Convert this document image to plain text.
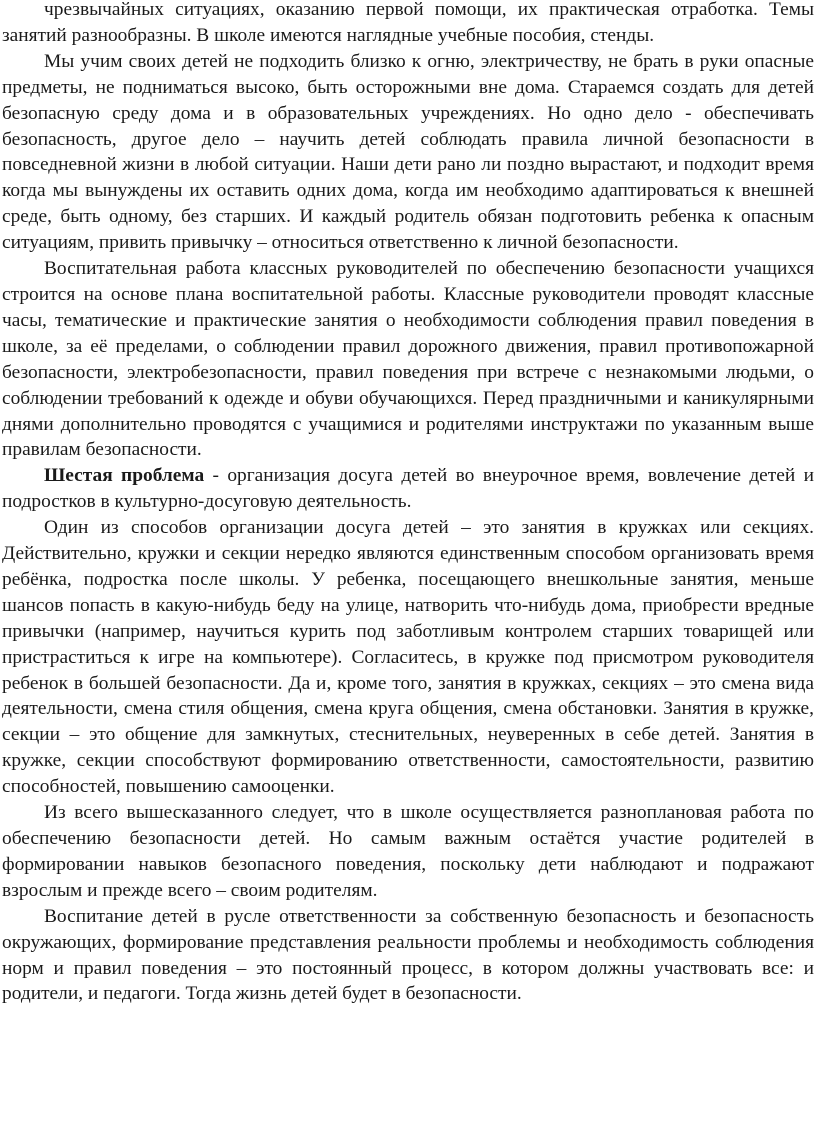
чрезвычайных ситуациях, оказанию первой помощи, их практическая отработка. Темы занятий разнообразны. В школе имеются наглядные учебные пособия, стенды.

Мы учим своих детей не подходить близко к огню, электричеству, не брать в руки опасные предметы, не подниматься высоко, быть осторожными вне дома. Стараемся создать для детей безопасную среду дома и в образовательных учреждениях. Но одно дело - обеспечивать безопасность, другое дело – научить детей соблюдать правила личной безопасности в повседневной жизни в любой ситуации. Наши дети рано ли поздно вырастают, и подходит время когда мы вынуждены их оставить одних дома, когда им необходимо адаптироваться к внешней среде, быть одному, без старших. И каждый родитель обязан подготовить ребенка к опасным ситуациям, привить привычку – относиться ответственно к личной безопасности.

Воспитательная работа классных руководителей по обеспечению безопасности учащихся строится на основе плана воспитательной работы. Классные руководители проводят классные часы, тематические и практические занятия о необходимости соблюдения правил поведения в школе, за её пределами, о соблюдении правил дорожного движения, правил противопожарной безопасности, электробезопасности, правил поведения при встрече с незнакомыми людьми, о соблюдении требований к одежде и обуви обучающихся. Перед праздничными и каникулярными днями дополнительно проводятся с учащимися и родителями инструктажи по указанным выше правилам безопасности.

Шестая проблема - организация досуга детей во внеурочное время, вовлечение детей и подростков в культурно-досуговую деятельность.

Один из способов организации досуга детей – это занятия в кружках или секциях. Действительно, кружки и секции нередко являются единственным способом организовать время ребёнка, подростка после школы. У ребенка, посещающего внешкольные занятия, меньше шансов попасть в какую-нибудь беду на улице, натворить что-нибудь дома, приобрести вредные привычки (например, научиться курить под заботливым контролем старших товарищей или пристраститься к игре на компьютере). Согласитесь, в кружке под присмотром руководителя ребенок в большей безопасности. Да и, кроме того, занятия в кружках, секциях – это смена вида деятельности, смена стиля общения, смена круга общения, смена обстановки. Занятия в кружке, секции – это общение для замкнутых, стеснительных, неуверенных в себе детей. Занятия в кружке, секции способствуют формированию ответственности, самостоятельности, развитию способностей, повышению самооценки.

Из всего вышесказанного следует, что в школе осуществляется разноплановая работа по обеспечению безопасности детей. Но самым важным остаётся участие родителей в формировании навыков безопасного поведения, поскольку дети наблюдают и подражают взрослым и прежде всего – своим родителям.

Воспитание детей в русле ответственности за собственную безопасность и безопасность окружающих, формирование представления реальности проблемы и необходимость соблюдения норм и правил поведения – это постоянный процесс, в котором должны участвовать все: и родители, и педагоги. Тогда жизнь детей будет в безопасности.
